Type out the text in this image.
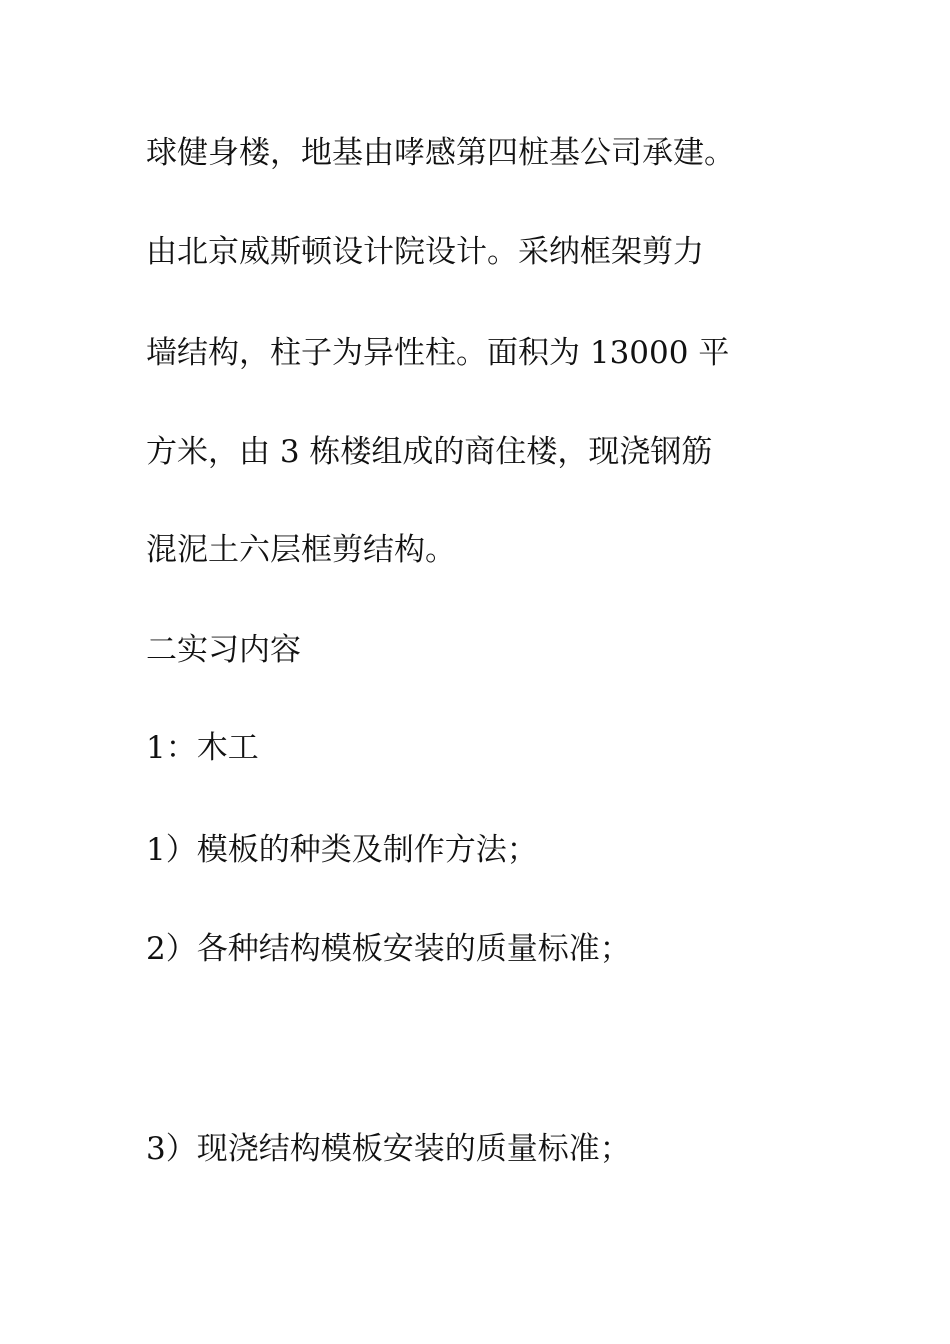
球健身楼，地基由哮感第四桩基公司承建。
由北京威斯顿设计院设计。采纳框架剪力
墙结构，柱子为异性柱。面积为 13000 平
方米，由 3 栋楼组成的商住楼，现浇钢筋
混泥土六层框剪结构。
二实习内容
1：木工
1）模板的种类及制作方法；
2）各种结构模板安装的质量标准；
3）现浇结构模板安装的质量标准；
